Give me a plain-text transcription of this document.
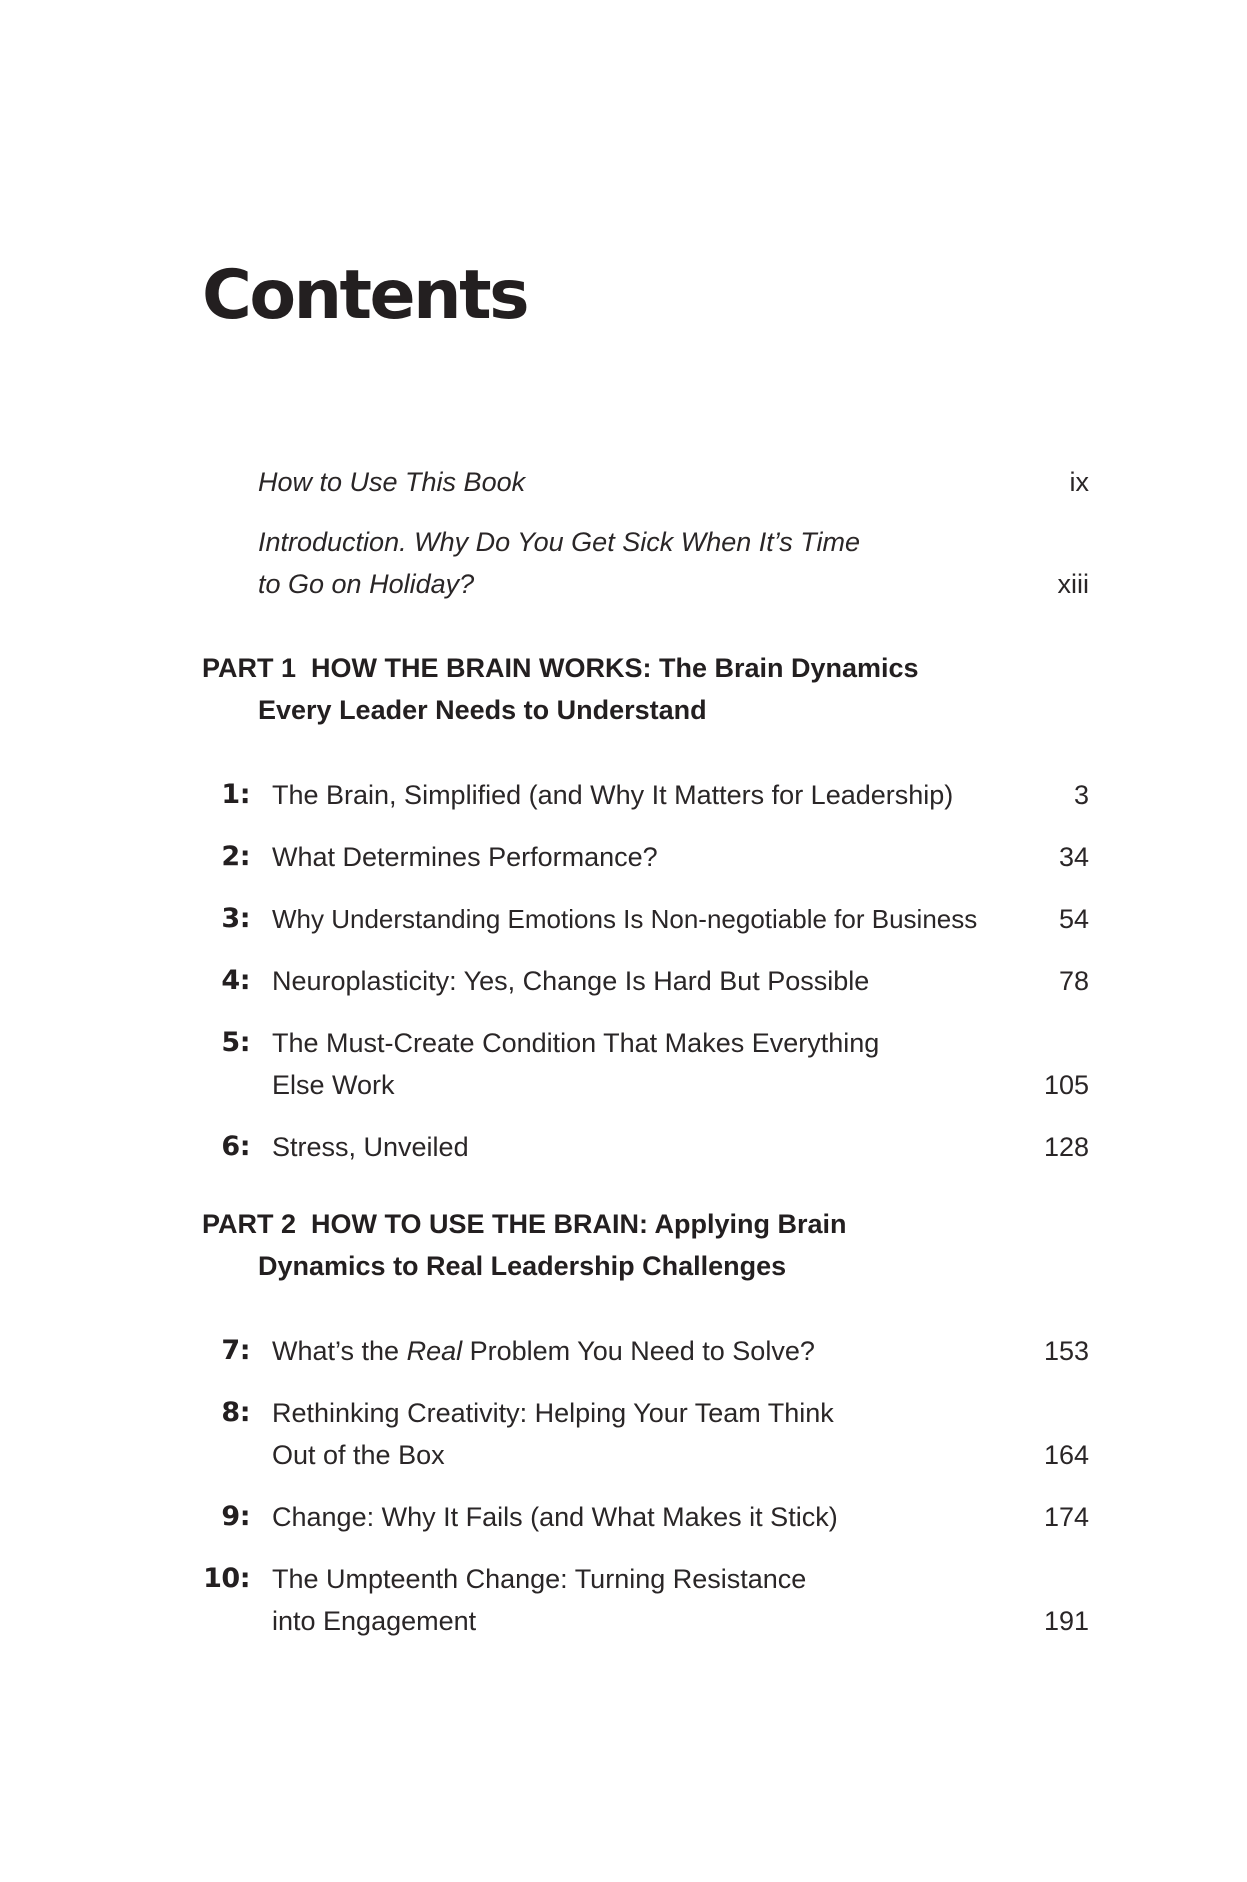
Contents
How to Use This Book	ix
Introduction. Why Do You Get Sick When It’s Time
to Go on Holiday?	xiii
PART 1  HOW THE BRAIN WORKS: The Brain Dynamics
Every Leader Needs to Understand
1: The Brain, Simplified (and Why It Matters for Leadership)	3
2: What Determines Performance?	34
3: Why Understanding Emotions Is Non-negotiable for Business	54
4: Neuroplasticity: Yes, Change Is Hard But Possible	78
5: The Must-Create Condition That Makes Everything
Else Work	105
6: Stress, Unveiled	128
PART 2  HOW TO USE THE BRAIN: Applying Brain
Dynamics to Real Leadership Challenges
7: What’s the Real Problem You Need to Solve?	153
8: Rethinking Creativity: Helping Your Team Think
Out of the Box	164
9: Change: Why It Fails (and What Makes it Stick)	174
10: The Umpteenth Change: Turning Resistance
into Engagement	191
